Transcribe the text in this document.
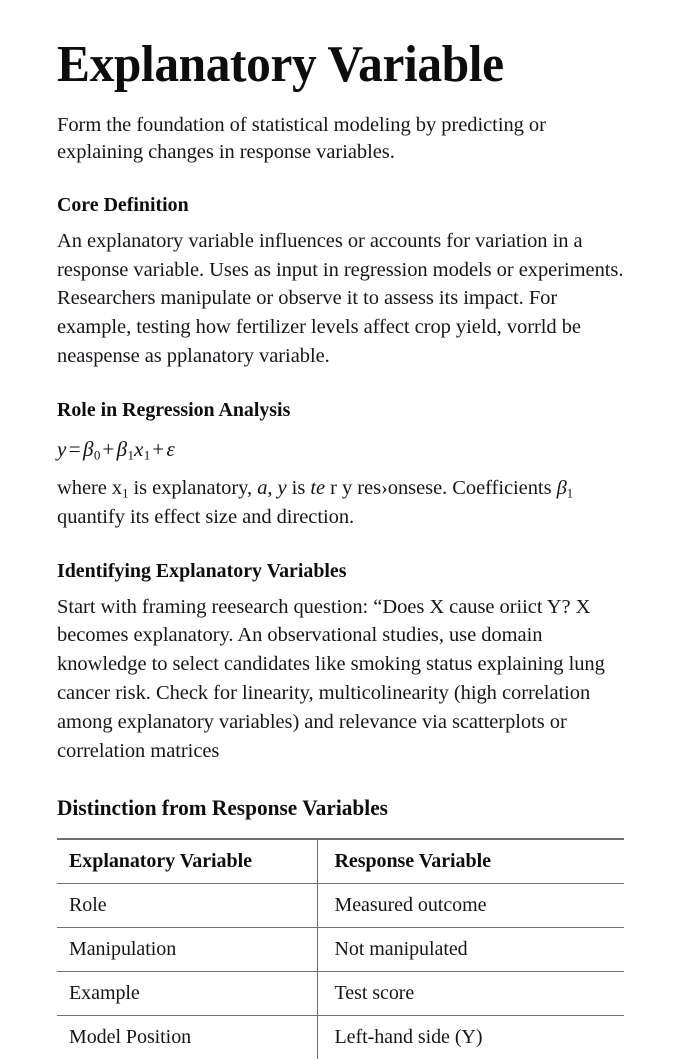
Explanatory Variable

Form the foundation of statistical modeling by predicting or explaining changes in response variables.

Core Definition

An explanatory variable influences or accounts for variation in a response variable. Uses as input in regression models or experiments. Researchers manipulate or observe it to assess its impact. For example, testing how fertilizer levels affect crop yield, vorrld be neaspense as pplanatory variable.

Role in Regression Analysis

$y=\beta_0+\beta_1x_1+\varepsilon$

where $x_1$ is explanatory, a, y is te r y res›onsese. Coefficients $\beta_1$ quantify its effect size and direction.

Identifying Explanatory Variables

Start with framing reesearch question: “Does X cause oriict Y? X becomes explanatory. An observational studies, use domain knowledge to select candidates like smoking status explaining lung cancer risk. Check for linearity, multicolinearity (high correlation among explanatory variables) and relevance via scatterplots or correlation matrices

Distinction from Response Variables
Explanatory Variable	Response Variable
Role	Measured outcome
Manipulation	Not manipulated
Example	Test score
Model Position	Left-hand side (Y)
